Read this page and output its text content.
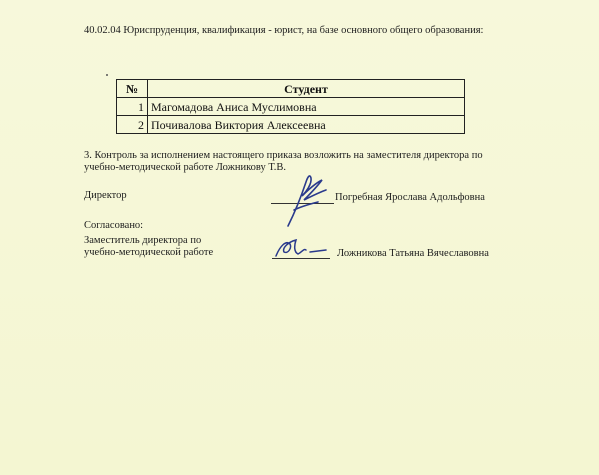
40.02.04 Юриспруденция, квалификация - юрист, на базе основного общего образования:
№	Студент
1	Магомадова Аниса Муслимовна
2	Почивалова Виктория Алексеевна
3. Контроль за исполнением настоящего приказа возложить на заместителя директора по
учебно-методической работе Ложникову Т.В.
Директор	Погребная Ярослава Адольфовна
Согласовано:
Заместитель директора по
учебно-методической работе	Ложникова Татьяна Вячеславовна
